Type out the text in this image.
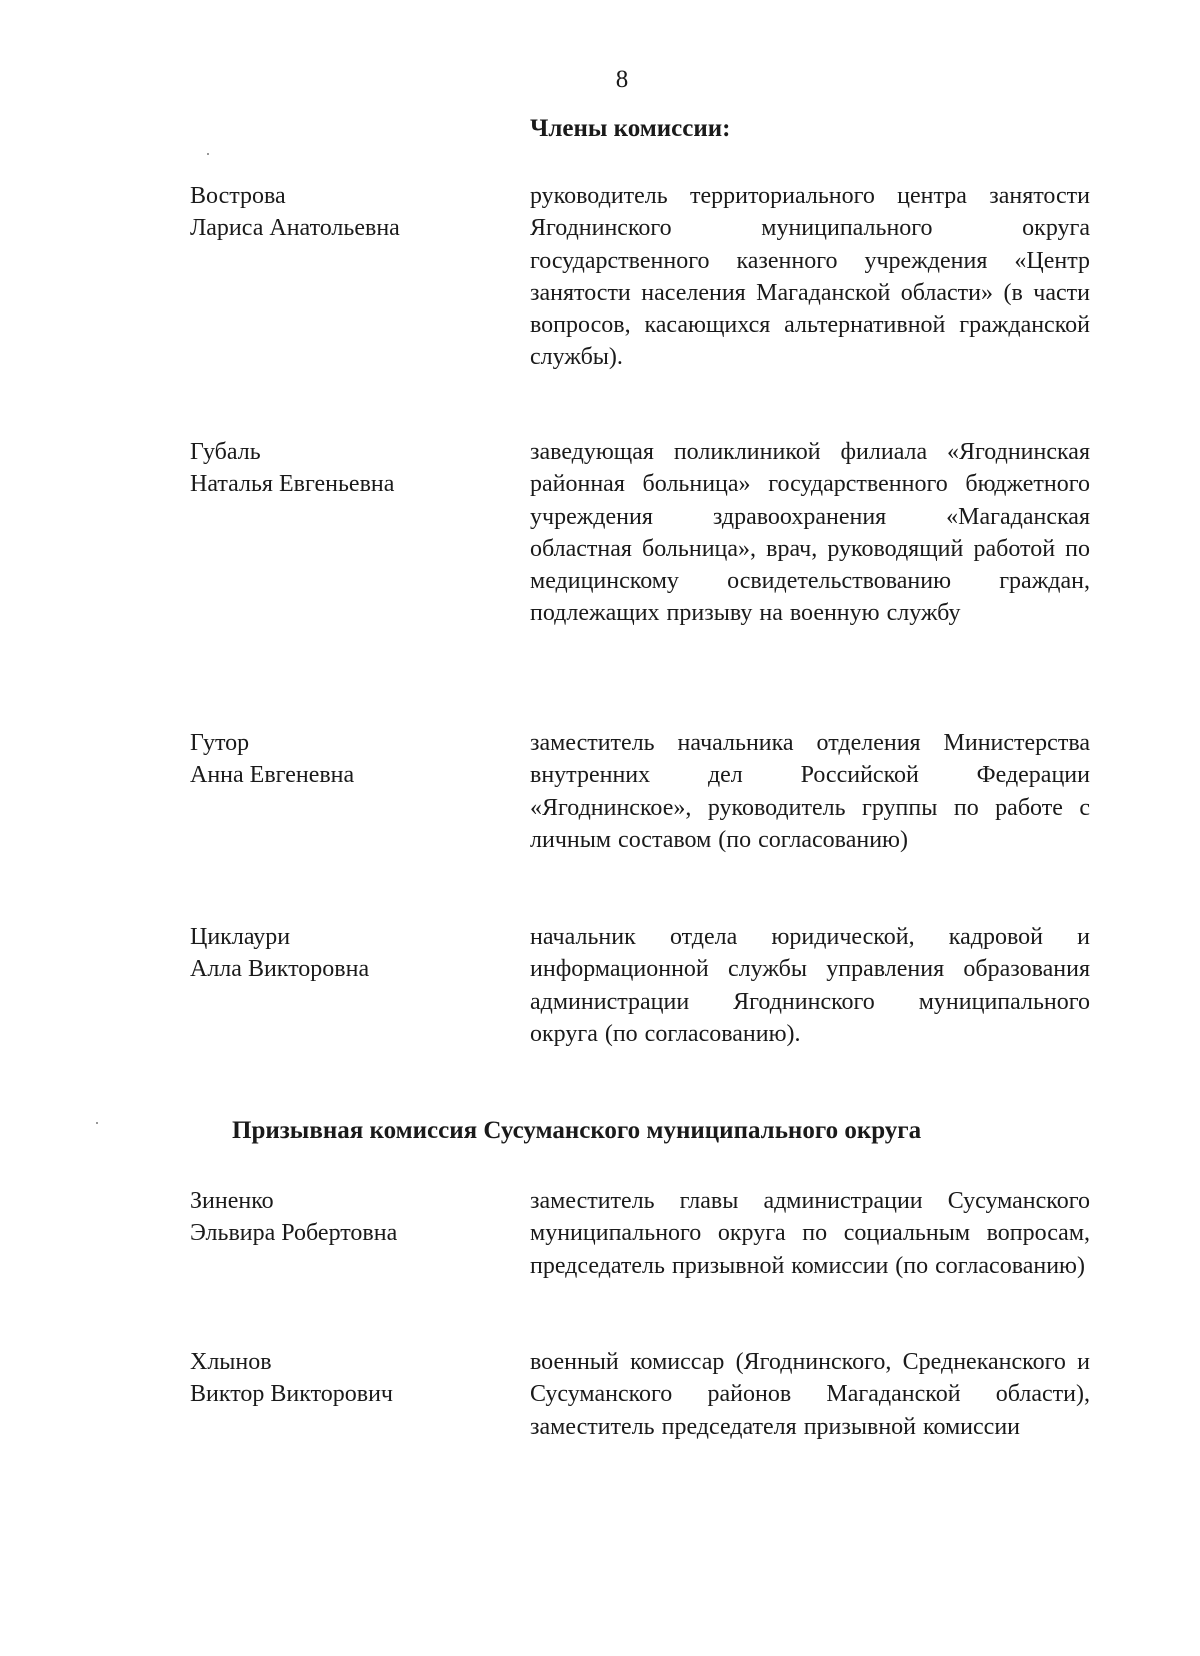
8
Члены комиссии:
Вострова
Лариса Анатольевна
руководитель территориального центра занятости Ягоднинского муниципального округа государственного казенного учреждения «Центр занятости населения Магаданской области» (в части вопросов, касающихся альтернативной гражданской службы).
Губаль
Наталья Евгеньевна
заведующая поликлиникой филиала «Ягоднинская районная больница» государственного бюджетного учреждения здравоохранения «Магаданская областная больница», врач, руководящий работой по медицинскому освидетельствованию граждан, подлежащих призыву на военную службу
Гутор
Анна Евгеневна
заместитель начальника отделения Министерства внутренних дел Российской Федерации «Ягоднинское», руководитель группы по работе с личным составом (по согласованию)
Циклаури
Алла Викторовна
начальник отдела юридической, кадровой и информационной службы управления образования администрации Ягоднинского муниципального округа (по согласованию).
Призывная комиссия Сусуманского муниципального округа
Зиненко
Эльвира Робертовна
заместитель главы администрации Сусуманского муниципального округа по социальным вопросам, председатель призывной комиссии (по согласованию)
Хлынов
Виктор Викторович
военный комиссар (Ягоднинского, Среднеканского и Сусуманского районов Магаданской области), заместитель председателя призывной комиссии
